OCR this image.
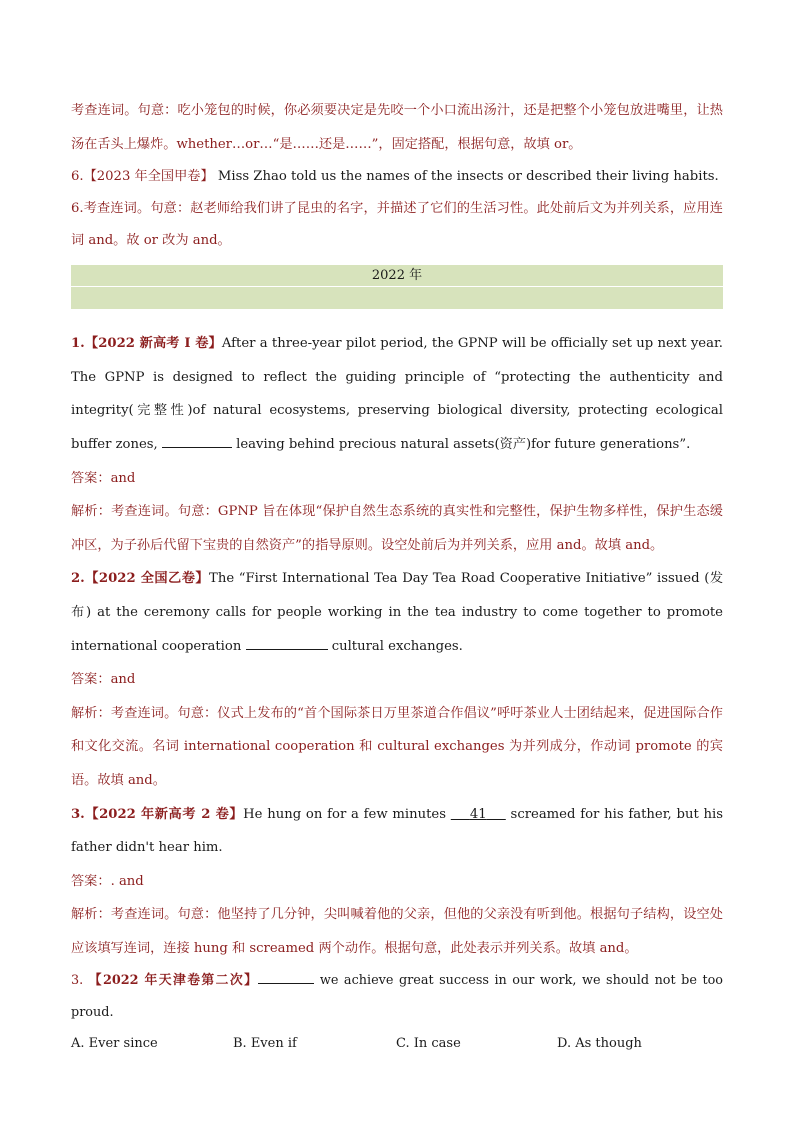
考查连词。句意：吃小笼包的时候，你必须要决定是先咬一个小口流出汤汁，还是把整个小笼包放进嘴里，让热汤在舌头上爆炸。whether…or…“是……还是……”，固定搭配，根据句意，故填 or。

6.【2023 年全国甲卷】 Miss Zhao told us the names of the insects or described their living habits.

6.考查连词。句意：赵老师给我们讲了昆虫的名字，并描述了它们的生活习性。此处前后文为并列关系，应用连词 and。故 or 改为 and。

2022 年

1.【2022 新高考 I 卷】After a three-year pilot period, the GPNP will be officially set up next year. The GPNP is designed to reflect the guiding principle of “protecting the authenticity and integrity(完整性)of natural ecosystems, preserving biological diversity, protecting ecological buffer zones,	leaving behind precious natural assets(资产)for future generations”.

答案：and

解析：考查连词。句意：GPNP 旨在体现“保护自然生态系统的真实性和完整性，保护生物多样性，保护生态缓冲区，为子孙后代留下宝贵的自然资产”的指导原则。设空处前后为并列关系，应用 and。故填 and。

2.【2022 全国乙卷】The “First International Tea Day Tea Road Cooperative Initiative” issued (发布) at the ceremony calls for people working in the tea industry to come together to promote international cooperation	cultural exchanges.

答案：and

解析：考查连词。句意：仪式上发布的“首个国际茶日万里茶道合作倡议”呼吁茶业人士团结起来，促进国际合作和文化交流。名词 international cooperation 和 cultural exchanges 为并列成分，作动词 promote 的宾语。故填 and。

3.【2022 年新高考 2 卷】He hung on for a few minutes     41     screamed for his father, but his father didn't hear him.

答案：. and

解析：考查连词。句意：他坚持了几分钟，尖叫喊着他的父亲，但他的父亲没有听到他。根据句子结构，设空处应该填写连词，连接 hung 和 screamed 两个动作。根据句意，此处表示并列关系。故填 and。

3. 【2022 年天津卷第二次】	we achieve great success in our work, we should not be too proud.

A. Ever since	B. Even if	C. In case	D. As though
